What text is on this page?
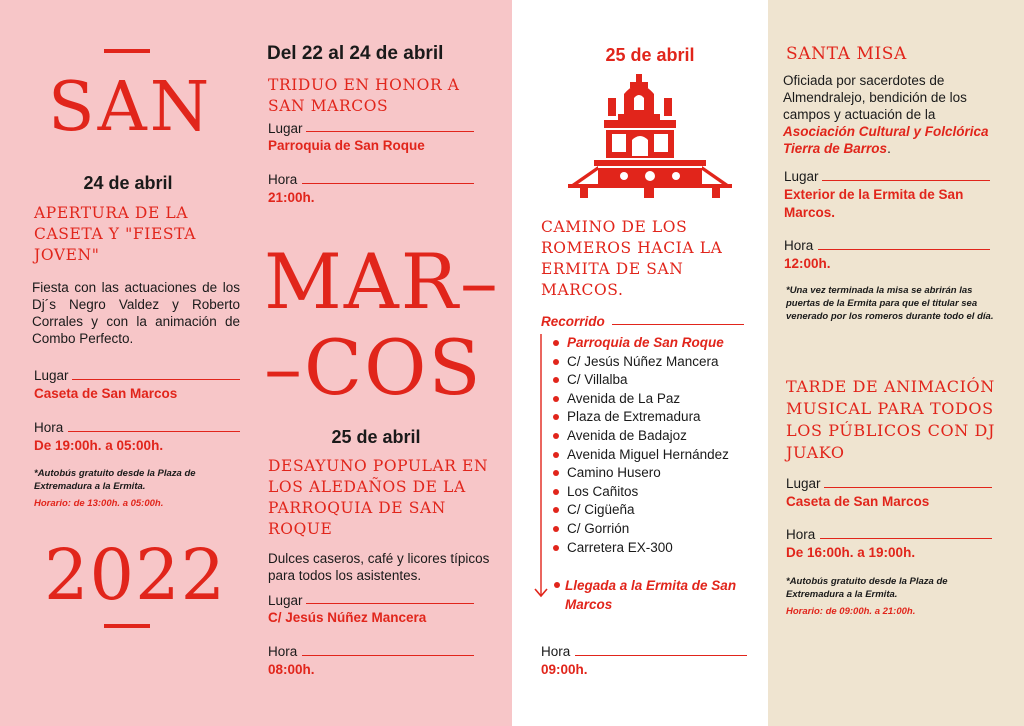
SAN
24 de abril
APERTURA DE LA CASETA Y "FIESTA JOVEN"
Fiesta con las actuaciones de los Dj´s Negro Valdez y Roberto Corrales y con la animación de Combo Perfecto.
Lugar
Caseta de San Marcos
Hora
De 19:00h. a 05:00h.
*Autobús gratuito desde la Plaza de Extremadura a la Ermita.
Horario: de 13:00h. a 05:00h.
2022
Del 22 al 24 de abril
TRIDUO EN HONOR A SAN MARCOS
Lugar
Parroquia de San Roque
Hora
21:00h.
MAR–
–COS
25 de abril
DESAYUNO POPULAR EN LOS ALEDAÑOS DE LA PARROQUIA DE SAN ROQUE
Dulces caseros, café y licores típicos para todos los asistentes.
Lugar
C/ Jesús Núñez Mancera
Hora
08:00h.
25 de abril
CAMINO DE LOS ROMEROS HACIA LA ERMITA DE SAN MARCOS.
Recorrido
Parroquia de San Roque
C/ Jesús Núñez Mancera
C/ Villalba
Avenida de La Paz
Plaza de Extremadura
Avenida de Badajoz
Avenida Miguel Hernández
Camino Husero
Los Cañitos
C/ Cigüeña
C/ Gorrión
Carretera EX-300
Llegada a la Ermita de San Marcos
Hora
09:00h.
SANTA MISA
Oficiada por sacerdotes de Almendralejo, bendición de los campos y actuación de la Asociación Cultural y Folclórica Tierra de Barros.
Lugar
Exterior de la Ermita de San Marcos.
Hora
12:00h.
*Una vez terminada la misa se abrirán las puertas de la Ermita para que el titular sea venerado por los romeros durante todo el día.
TARDE DE ANIMACIÓN MUSICAL PARA TODOS LOS PÚBLICOS CON DJ JUAKO
Lugar
Caseta de San Marcos
Hora
De 16:00h. a 19:00h.
*Autobús gratuito desde la Plaza de Extremadura a la Ermita.
Horario: de 09:00h. a 21:00h.
